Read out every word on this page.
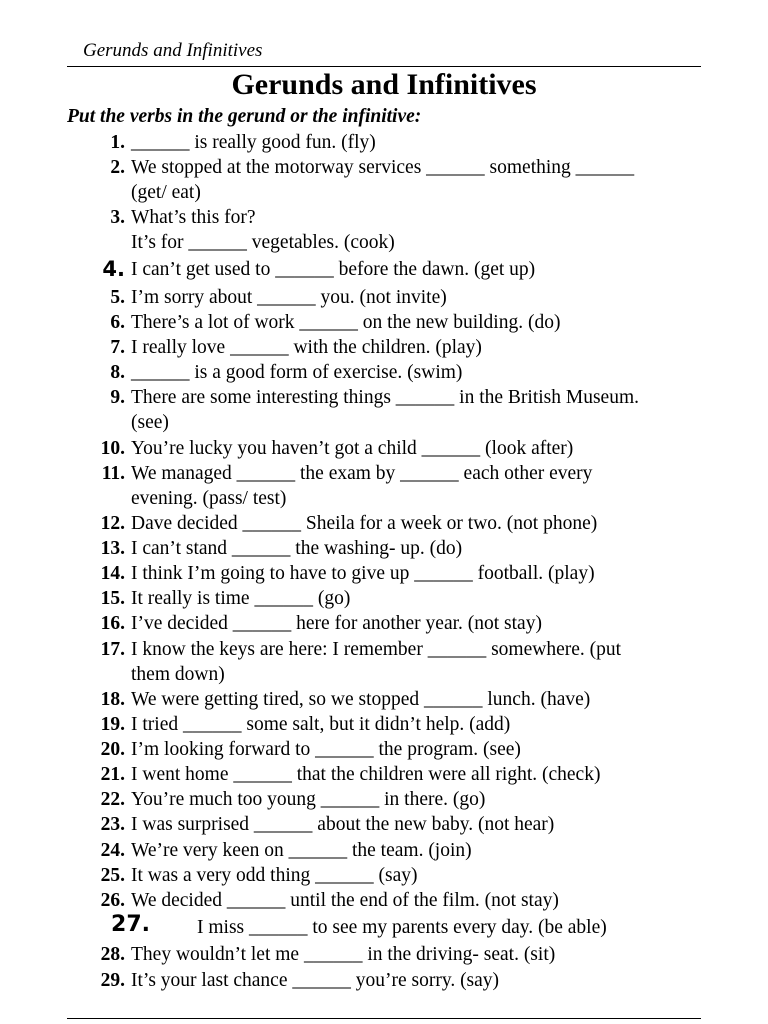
Gerunds and Infinitives
Gerunds and Infinitives
Put the verbs in the gerund or the infinitive:
1. ______ is really good fun. (fly)
2. We stopped at the motorway services ______ something ______
(get/ eat)
3. What’s this for?
It’s for ______ vegetables. (cook)
4. I can’t get used to ______ before the dawn. (get up)
5. I’m sorry about ______ you. (not invite)
6. There’s a lot of work ______ on the new building. (do)
7. I really love ______ with the children. (play)
8. ______ is a good form of exercise. (swim)
9. There are some interesting things ______ in the British Museum.
(see)
10. You’re lucky you haven’t got a child ______ (look after)
11. We managed ______ the exam by ______ each other every
evening. (pass/ test)
12. Dave decided ______ Sheila for a week or two. (not phone)
13. I can’t stand ______ the washing- up. (do)
14. I think I’m going to have to give up ______ football. (play)
15. It really is time ______ (go)
16. I’ve decided ______ here for another year. (not stay)
17. I know the keys are here: I remember ______ somewhere. (put
them down)
18. We were getting tired, so we stopped ______ lunch. (have)
19. I tried ______ some salt, but it didn’t help. (add)
20. I’m looking forward to ______ the program. (see)
21. I went home ______ that the children were all right. (check)
22. You’re much too young ______ in there. (go)
23. I was surprised ______ about the new baby. (not hear)
24. We’re very keen on ______ the team. (join)
25. It was a very odd thing ______ (say)
26. We decided ______ until the end of the film. (not stay)
27. I miss ______ to see my parents every day. (be able)
28. They wouldn’t let me ______ in the driving- seat. (sit)
29. It’s your last chance ______ you’re sorry. (say)
